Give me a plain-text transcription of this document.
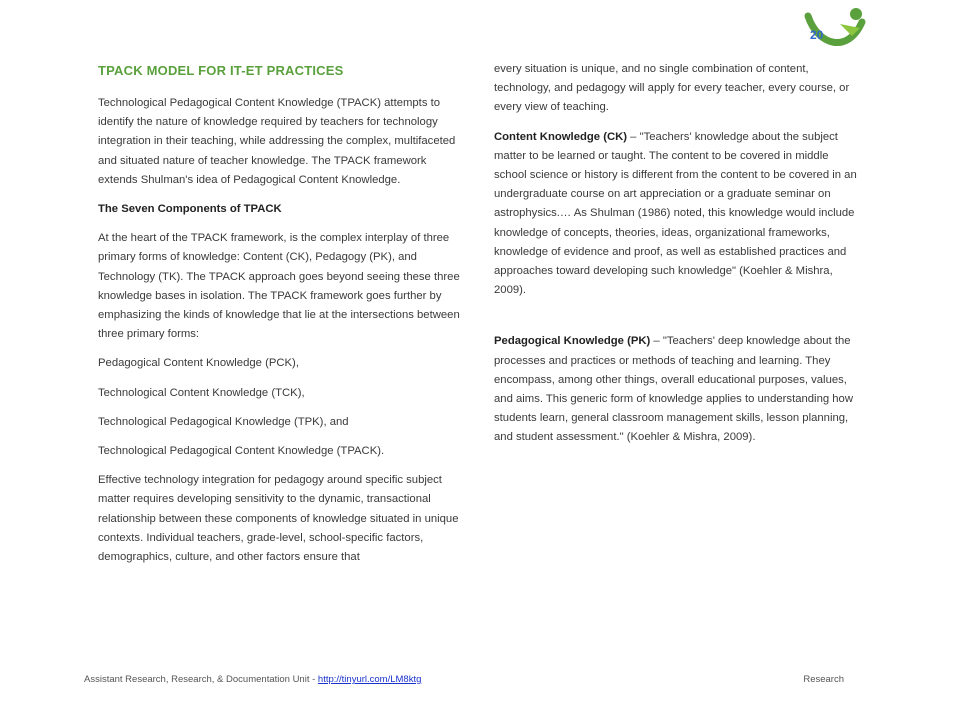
20
TPACK MODEL FOR IT-ET PRACTICES

Technological Pedagogical Content Knowledge (TPACK) attempts to identify the nature of knowledge required by teachers for technology integration in their teaching, while addressing the complex, multifaceted and situated nature of teacher knowledge. The TPACK framework extends Shulman's idea of Pedagogical Content Knowledge.

The Seven Components of TPACK

At the heart of the TPACK framework, is the complex interplay of three primary forms of knowledge: Content (CK), Pedagogy (PK), and Technology (TK). The TPACK approach goes beyond seeing these three knowledge bases in isolation. The TPACK framework goes further by emphasizing the kinds of knowledge that lie at the intersections between three primary forms:

Pedagogical Content Knowledge (PCK),

Technological Content Knowledge (TCK),

Technological Pedagogical Knowledge (TPK), and

Technological Pedagogical Content Knowledge (TPACK).

Effective technology integration for pedagogy around specific subject matter requires developing sensitivity to the dynamic, transactional relationship between these components of knowledge situated in unique contexts. Individual teachers, grade-level, school-specific factors, demographics, culture, and other factors ensure that

every situation is unique, and no single combination of content, technology, and pedagogy will apply for every teacher, every course, or every view of teaching.

Content Knowledge (CK) – "Teachers' knowledge about the subject matter to be learned or taught. The content to be covered in middle school science or history is different from the content to be covered in an undergraduate course on art appreciation or a graduate seminar on astrophysics.… As Shulman (1986) noted, this knowledge would include knowledge of concepts, theories, ideas, organizational frameworks, knowledge of evidence and proof, as well as established practices and approaches toward developing such knowledge" (Koehler & Mishra, 2009).

Pedagogical Knowledge (PK) – "Teachers' deep knowledge about the processes and practices or methods of teaching and learning. They encompass, among other things, overall educational purposes, values, and aims. This generic form of knowledge applies to understanding how students learn, general classroom management skills, lesson planning, and student assessment." (Koehler & Mishra, 2009).

Assistant Research, Research, & Documentation Unit - http://tinyurl.com/LM8ktg	Research
